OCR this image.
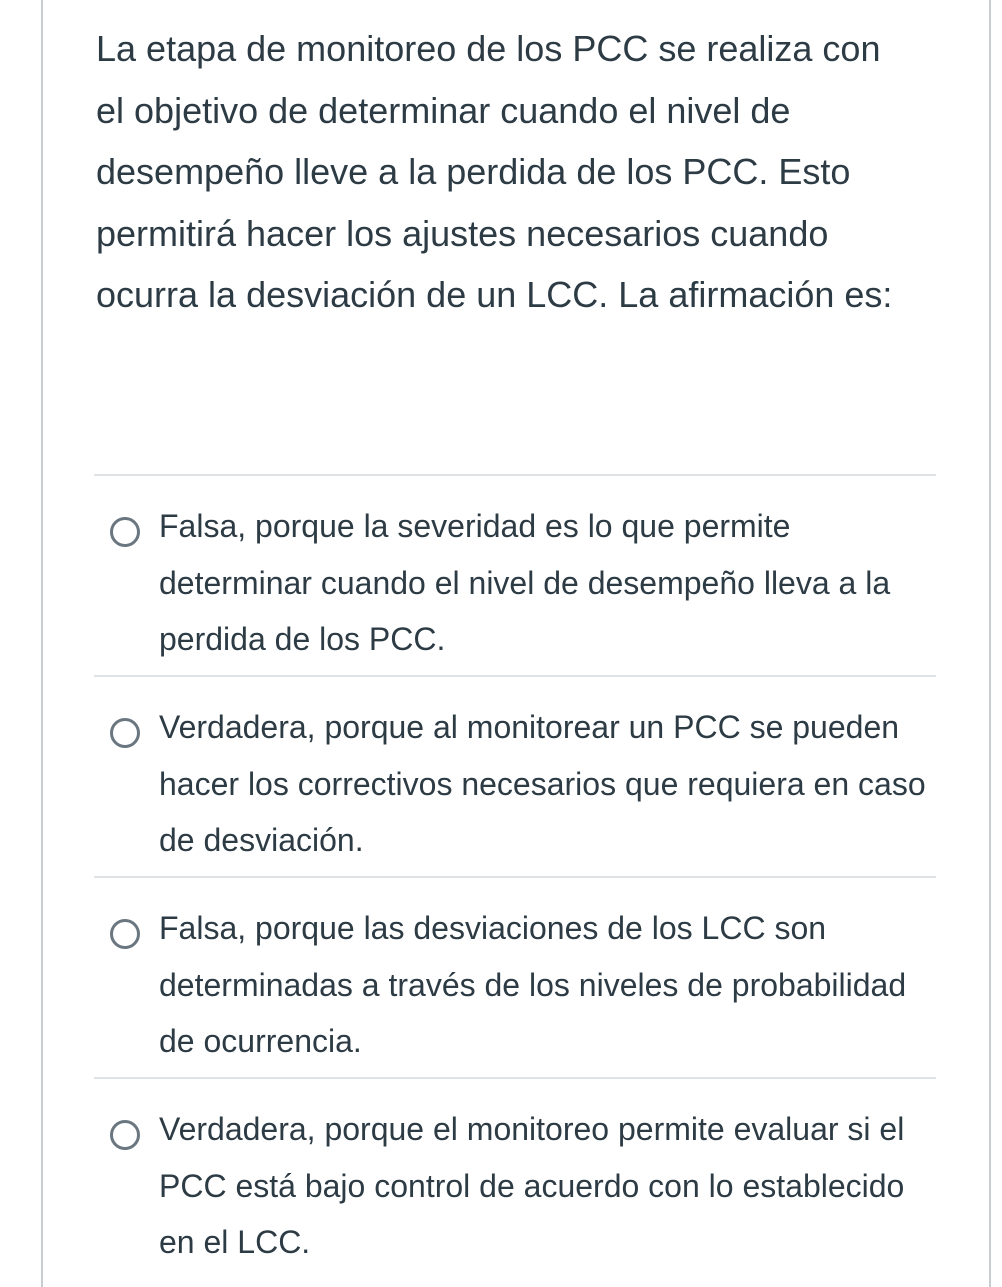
La etapa de monitoreo de los PCC se realiza con el objetivo de determinar cuando el nivel de desempeño lleve a la perdida de los PCC. Esto permitirá hacer los ajustes necesarios cuando ocurra la desviación de un LCC. La afirmación es:

Falsa, porque la severidad es lo que permite determinar cuando el nivel de desempeño lleva a la perdida de los PCC.
Verdadera, porque al monitorear un PCC se pueden hacer los correctivos necesarios que requiera en caso de desviación.
Falsa, porque las desviaciones de los LCC son determinadas a través de los niveles de probabilidad de ocurrencia.
Verdadera, porque el monitoreo permite evaluar si el PCC está bajo control de acuerdo con lo establecido en el LCC.
